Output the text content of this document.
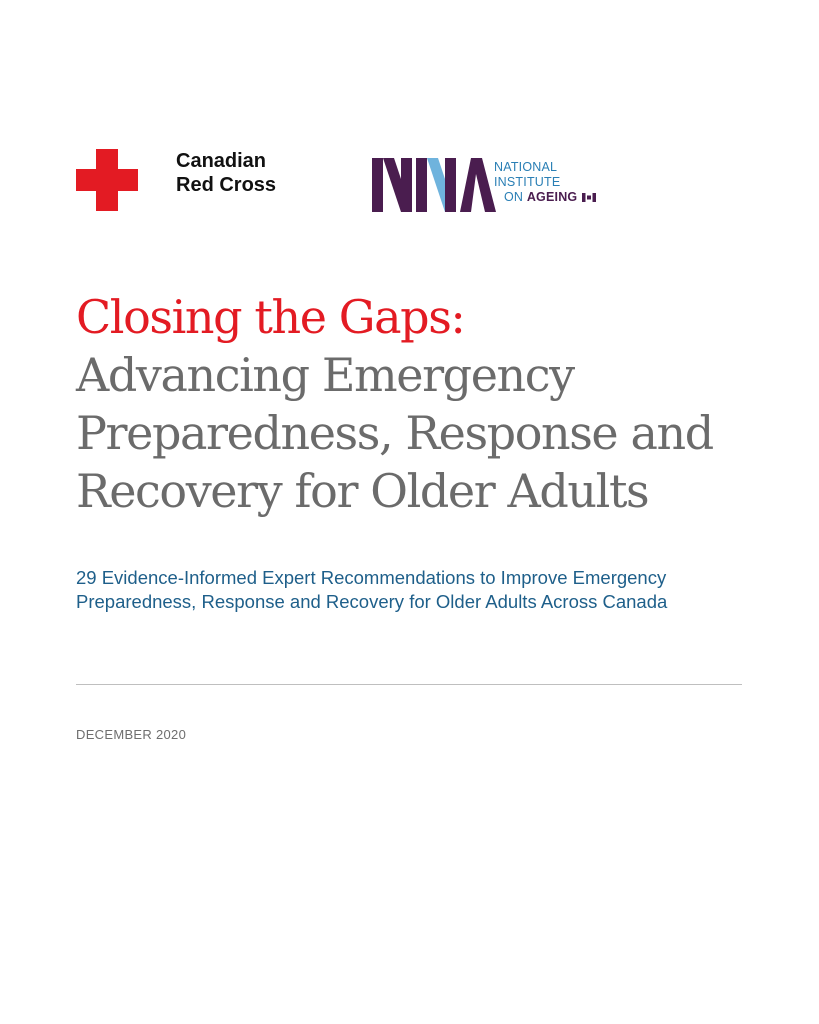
Canadian
Red Cross
NATIONAL
INSTITUTE
ON AGEING
Closing the Gaps:
Advancing Emergency
Preparedness, Response and
Recovery for Older Adults
29 Evidence-Informed Expert Recommendations to Improve Emergency
Preparedness, Response and Recovery for Older Adults Across Canada
DECEMBER 2020
